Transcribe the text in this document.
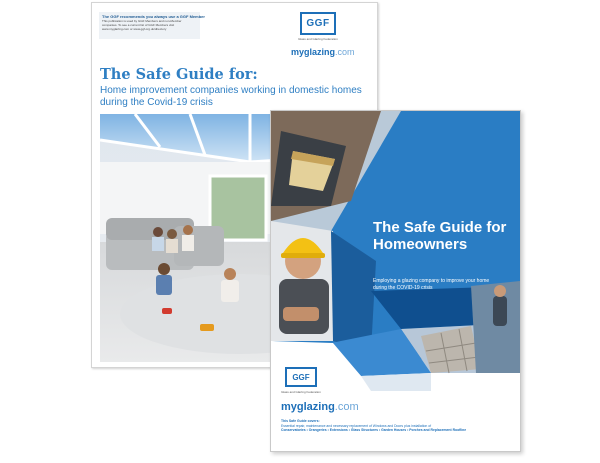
The GGF recommends you always use a GGF Member
This publication is used by GGF Members and non-Member companies. To see a current list of GGF Members visit www.myglazing.com or www.ggf.org.uk/directory	GGF
Glass and Glazing Federation
myglazing.com
The Safe Guide for:
Home improvement companies working in domestic homes during the Covid-19 crisis
The Safe Guide for Homeowners
Employing a glazing company to improve your home during the COVID-19 crisis
GGF
Glass and Glazing Federation
myglazing.com
This Safe Guide covers:
Essential repair, maintenance and necessary replacement of Windows and Doors plus installation of
Conservatories • Orangeries • Extensions • Glass Structures • Garden Houses • Porches and Replacement Roofline
